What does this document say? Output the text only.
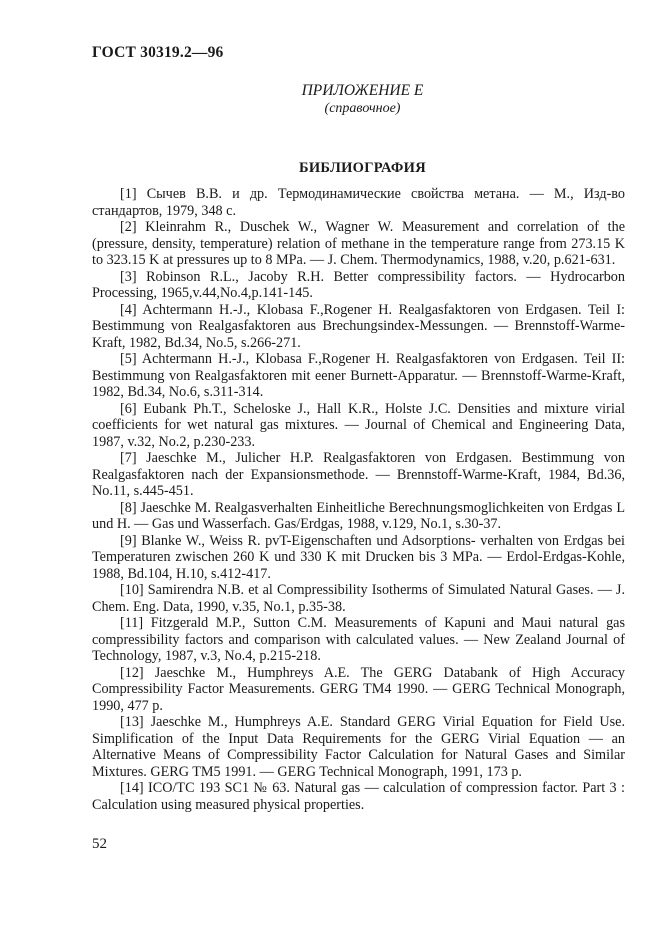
ГОСТ 30319.2—96
ПРИЛОЖЕНИЕ Е
(справочное)
БИБЛИОГРАФИЯ

[1] Сычев В.В. и др. Термодинамические свойства метана. — М., Изд-во стандартов, 1979, 348 с.

[2] Kleinrahm R., Duschek W., Wagner W. Measurement and correlation of the (pressure, density, temperature) relation of methane in the temperature range from 273.15 K to 323.15 K at pressures up to 8 MPa. — J. Chem. Thermodynamics, 1988, v.20, p.621-631.

[3] Robinson R.L., Jacoby R.H. Better compressibility factors. — Hydrocarbon Processing, 1965,v.44,No.4,p.141-145.

[4] Achtermann H.-J., Klobasa F.,Rogener H. Realgasfaktoren von Erdgasen. Teil I: Bestimmung von Realgasfaktoren aus Brechungsindex-Messungen. — Brennstoff-Warme-Kraft, 1982, Bd.34, No.5, s.266-271.

[5] Achtermann H.-J., Klobasa F.,Rogener H. Realgasfaktoren von Erdgasen. Teil II: Bestimmung von Realgasfaktoren mit eener Burnett-Apparatur. — Brennstoff-Warme-Kraft, 1982, Bd.34, No.6, s.311-314.

[6] Eubank Ph.T., Scheloske J., Hall K.R., Holste J.C. Densities and mixture virial coefficients for wet natural gas mixtures. — Journal of Chemical and Engineering Data, 1987, v.32, No.2, p.230-233.

[7] Jaeschke M., Julicher H.P. Realgasfaktoren von Erdgasen. Bestimmung von Realgasfaktoren nach der Expansionsmethode. — Brennstoff-Warme-Kraft, 1984, Bd.36, No.11, s.445-451.

[8] Jaeschke M. Realgasverhalten Einheitliche Berechnungsmoglichkeiten von Erdgas L und H. — Gas und Wasserfach. Gas/Erdgas, 1988, v.129, No.1, s.30-37.

[9] Blanke W., Weiss R. pvT-Eigenschaften und Adsorptions- verhalten von Erdgas bei Temperaturen zwischen 260 K und 330 K mit Drucken bis 3 MPa. — Erdol-Erdgas-Kohle, 1988, Bd.104, H.10, s.412-417.

[10] Samirendra N.B. et al Compressibility Isotherms of Simulated Natural Gases. — J. Chem. Eng. Data, 1990, v.35, No.1, p.35-38.

[11] Fitzgerald M.P., Sutton C.M. Measurements of Kapuni and Maui natural gas compressibility factors and comparison with calculated values. — New Zealand Journal of Technology, 1987, v.3, No.4, p.215-218.

[12] Jaeschke M., Humphreys A.E. The GERG Databank of High Accuracy Compressibility Factor Measurements. GERG TM4 1990. — GERG Technical Monograph, 1990, 477 p.

[13] Jaeschke M., Humphreys A.E. Standard GERG Virial Equation for Field Use. Simplification of the Input Data Requirements for the GERG Virial Equation — an Alternative Means of Compressibility Factor Calculation for Natural Gases and Similar Mixtures. GERG TM5 1991. — GERG Technical Monograph, 1991, 173 p.

[14] ICO/TC 193 SC1 № 63. Natural gas — calculation of compression factor. Part 3 : Calculation using measured physical properties.

52
